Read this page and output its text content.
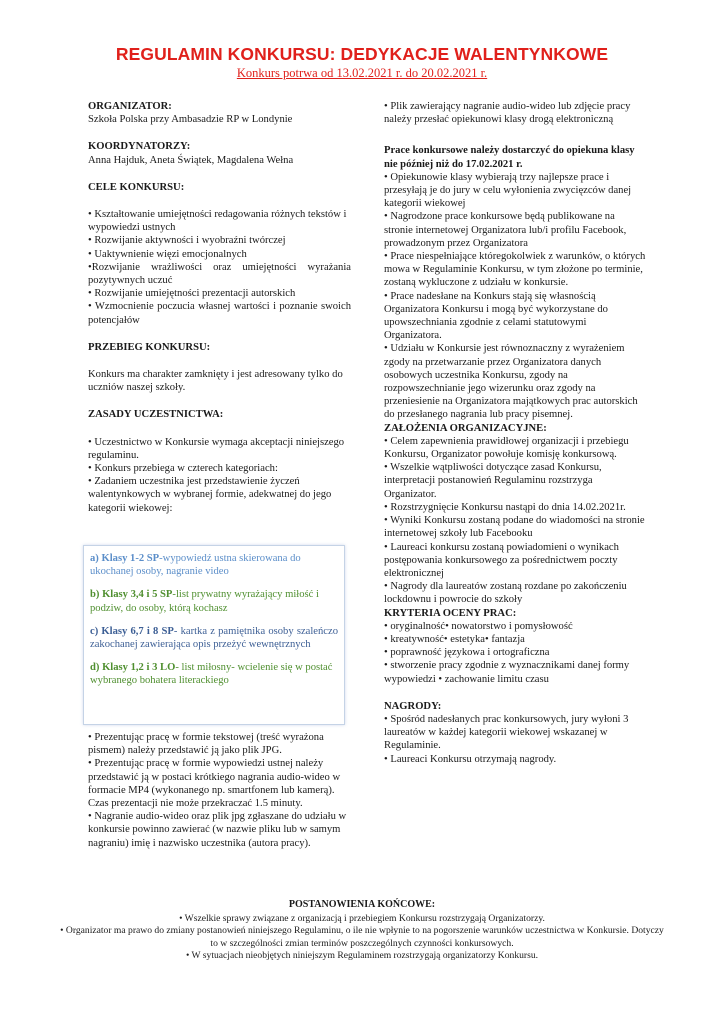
REGULAMIN KONKURSU: DEDYKACJE WALENTYNKOWE
Konkurs potrwa od 13.02.2021 r. do 20.02.2021 r.

ORGANIZATOR:

Szkoła Polska przy Ambasadzie RP w Londynie

KOORDYNATORZY:

Anna Hajduk, Aneta Świątek, Magdalena Wełna

CELE KONKURSU:

• Kształtowanie umiejętności redagowania różnych tekstów i wypowiedzi ustnych

• Rozwijanie aktywności i wyobraźni twórczej

• Uaktywnienie więzi emocjonalnych

•Rozwijanie wrażliwości oraz umiejętności wyrażania pozytywnych uczuć

• Rozwijanie umiejętności prezentacji autorskich

• Wzmocnienie poczucia własnej wartości i poznanie swoich potencjałów

PRZEBIEG KONKURSU:

Konkurs ma charakter zamknięty i jest adresowany tylko do uczniów naszej szkoły.

ZASADY UCZESTNICTWA:

• Uczestnictwo w Konkursie wymaga akceptacji niniejszego regulaminu.

• Konkurs przebiega w czterech kategoriach:

• Zadaniem uczestnika jest przedstawienie życzeń walentynkowych w wybranej formie, adekwatnej do jego kategorii wiekowej:

a) Klasy 1-2 SP-wypowiedź ustna skierowana do ukochanej osoby, nagranie video

b) Klasy 3,4 i 5 SP-list prywatny wyrażający miłość i podziw, do osoby, którą kochasz

c) Klasy 6,7 i 8 SP- kartka z pamiętnika osoby szaleńczo zakochanej zawierająca opis przeżyć wewnętrznych

d) Klasy 1,2 i 3 LO- list miłosny- wcielenie się w postać wybranego bohatera literackiego

• Prezentując pracę w formie tekstowej (treść wyrażona pismem) należy przedstawić ją jako plik JPG.

• Prezentując pracę w formie wypowiedzi ustnej należy przedstawić ją w postaci krótkiego nagrania audio-wideo w formacie MP4 (wykonanego np. smartfonem lub kamerą). Czas prezentacji nie może przekraczać 1.5 minuty.

• Nagranie audio-wideo oraz plik jpg zgłaszane do udziału w konkursie powinno zawierać (w nazwie pliku lub w samym nagraniu) imię i nazwisko uczestnika (autora pracy).

• Plik zawierający nagranie audio-wideo lub zdjęcie pracy należy przesłać opiekunowi klasy drogą elektroniczną

Prace konkursowe należy dostarczyć do opiekuna klasy nie później niż do 17.02.2021 r.

• Opiekunowie klasy wybierają trzy najlepsze prace i przesyłają je do jury w celu wyłonienia zwycięzców danej kategorii wiekowej

• Nagrodzone prace konkursowe będą publikowane na stronie internetowej Organizatora lub/i profilu Facebook, prowadzonym przez Organizatora

• Prace niespełniające któregokolwiek z warunków, o których mowa w Regulaminie Konkursu, w tym złożone po terminie, zostaną wykluczone z udziału w konkursie.

• Prace nadesłane na Konkurs stają się własnością Organizatora Konkursu i mogą być wykorzystane do upowszechniania zgodnie z celami statutowymi Organizatora.

• Udziału w Konkursie jest równoznaczny z wyrażeniem zgody na przetwarzanie przez Organizatora danych osobowych uczestnika Konkursu, zgody na rozpowszechnianie jego wizerunku oraz zgody na przeniesienie na Organizatora majątkowych prac autorskich do przesłanego nagrania lub pracy pisemnej.

ZAŁOŻENIA ORGANIZACYJNE:

• Celem zapewnienia prawidłowej organizacji i przebiegu Konkursu, Organizator powołuje komisję konkursową.

• Wszelkie wątpliwości dotyczące zasad Konkursu, interpretacji postanowień Regulaminu rozstrzyga Organizator.

• Rozstrzygnięcie Konkursu nastąpi do dnia 14.02.2021r.

• Wyniki Konkursu zostaną podane do wiadomości na stronie internetowej szkoły lub Facebooku

• Laureaci konkursu zostaną powiadomieni o wynikach postępowania konkursowego za pośrednictwem poczty elektronicznej

• Nagrody dla laureatów zostaną rozdane po zakończeniu lockdownu i powrocie do szkoły

KRYTERIA OCENY PRAC:

• oryginalność• nowatorstwo i pomysłowość

• kreatywność• estetyka• fantazja

• poprawność językowa i ortograficzna

• stworzenie pracy zgodnie z wyznacznikami danej formy wypowiedzi • zachowanie limitu czasu

NAGRODY:

• Spośród nadesłanych prac konkursowych, jury wyłoni 3 laureatów w każdej kategorii wiekowej wskazanej w Regulaminie.

• Laureaci Konkursu otrzymają nagrody.

POSTANOWIENIA KOŃCOWE:

• Wszelkie sprawy związane z organizacją i przebiegiem Konkursu rozstrzygają Organizatorzy.

• Organizator ma prawo do zmiany postanowień niniejszego Regulaminu, o ile nie wpłynie to na pogorszenie warunków uczestnictwa w Konkursie. Dotyczy to w szczególności zmian terminów poszczególnych czynności konkursowych.

• W sytuacjach nieobjętych niniejszym Regulaminem rozstrzygają organizatorzy Konkursu.
